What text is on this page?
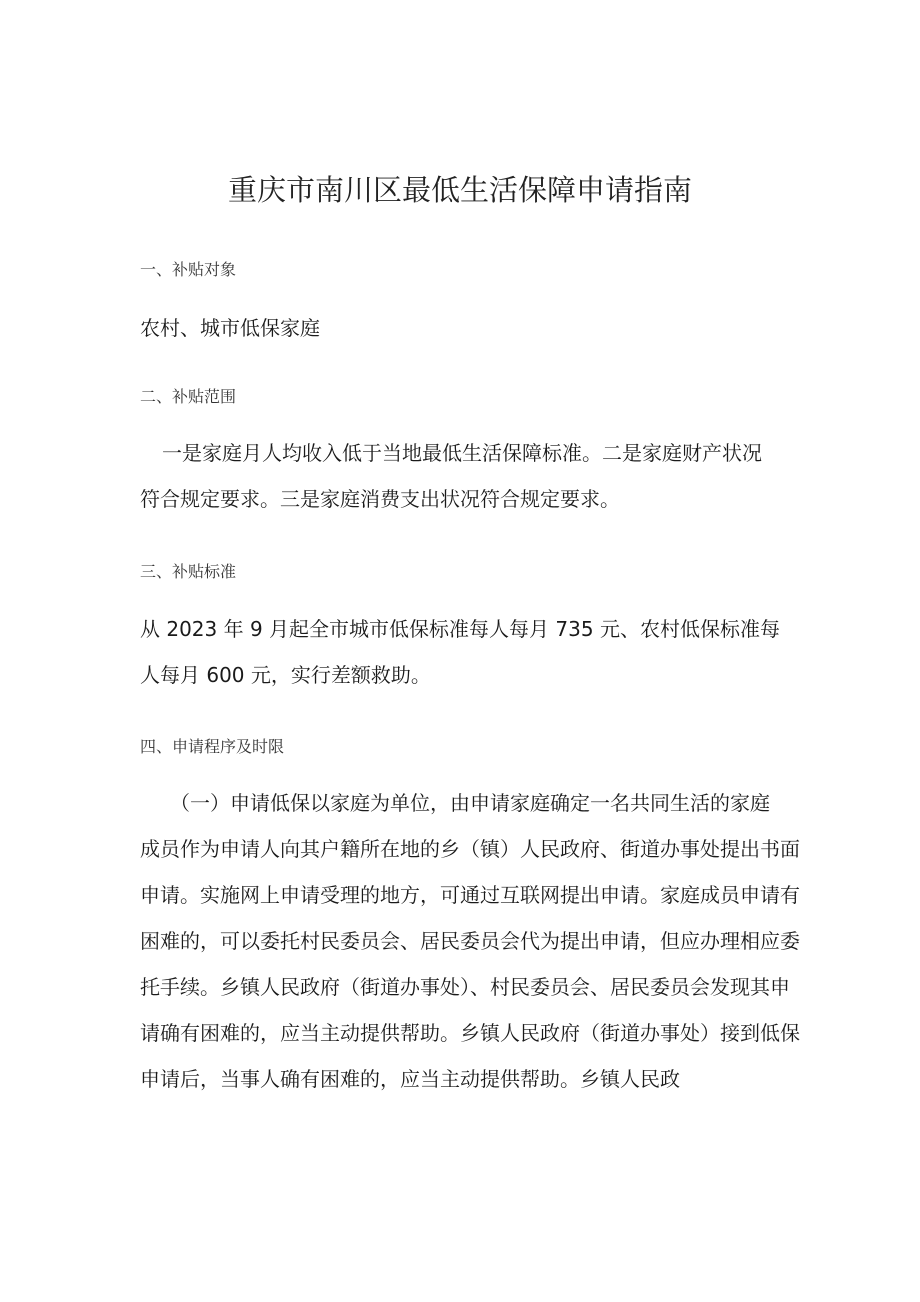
重庆市南川区最低生活保障申请指南
一、补贴对象
农村、城市低保家庭
二、补贴范围
一是家庭月人均收入低于当地最低生活保障标准。二是家庭财产状况
符合规定要求。三是家庭消费支出状况符合规定要求。
三、补贴标准
从 2023 年 9 月起全市城市低保标准每人每月 735 元、农村低保标准每
人每月 600 元，实行差额救助。
四、申请程序及时限
（一）申请低保以家庭为单位，由申请家庭确定一名共同生活的家庭
成员作为申请人向其户籍所在地的乡（镇）人民政府、街道办事处提出书面
申请。实施网上申请受理的地方，可通过互联网提出申请。家庭成员申请有
困难的，可以委托村民委员会、居民委员会代为提出申请，但应办理相应委
托手续。乡镇人民政府（街道办事处）、村民委员会、居民委员会发现其申
请确有困难的，应当主动提供帮助。乡镇人民政府（街道办事处）接到低保
申请后，当事人确有困难的，应当主动提供帮助。乡镇人民政
